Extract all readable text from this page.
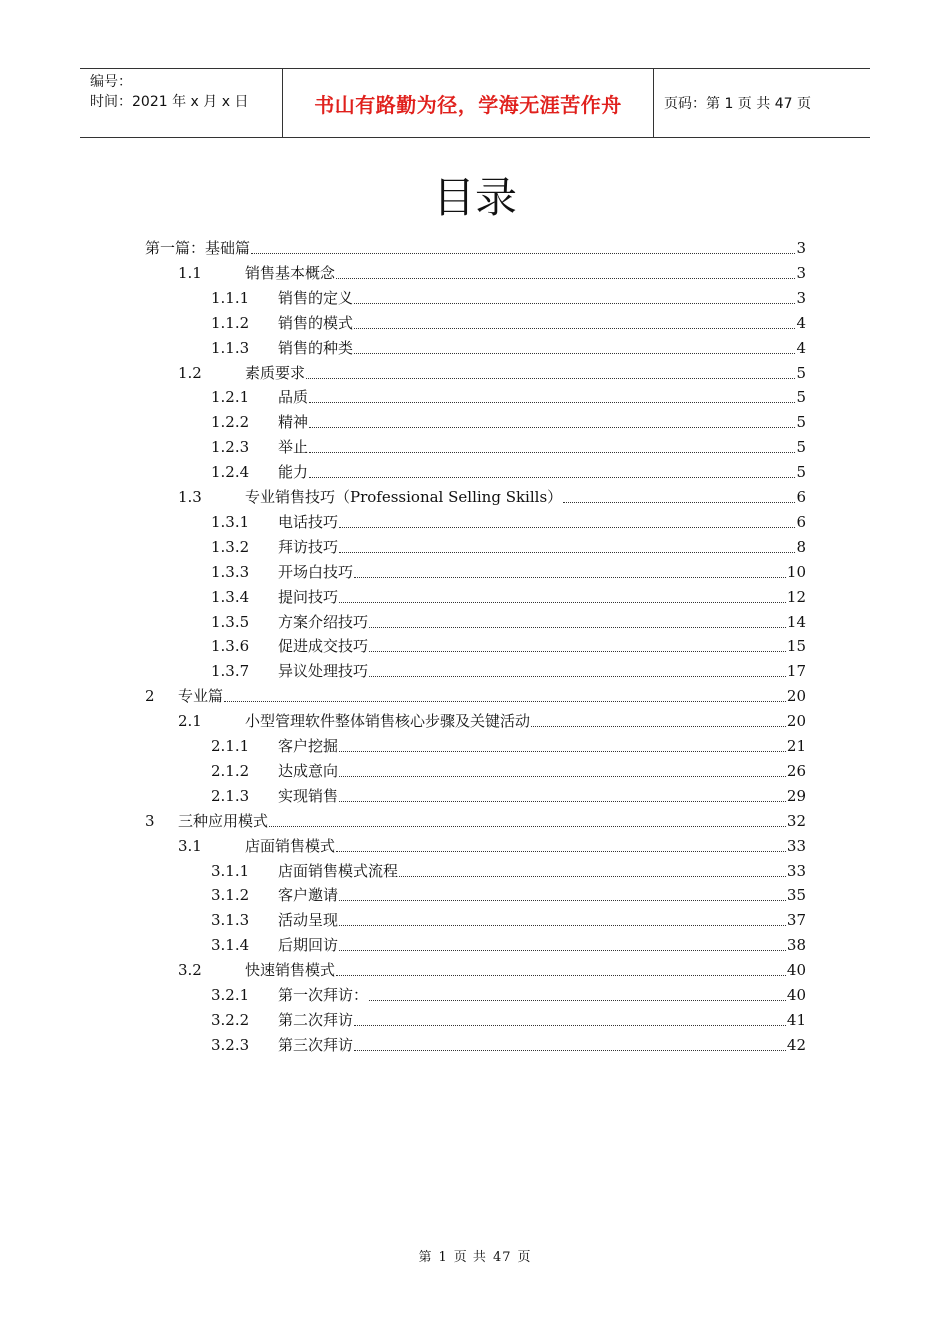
编号：
时间：2021 年 x 月 x 日	书山有路勤为径，学海无涯苦作舟	页码：第 1 页 共 47 页
目录
第一篇：基础篇	3
1.1	销售基本概念	3
1.1.1 销售的定义	3
1.1.2 销售的模式	4
1.1.3 销售的种类	4
1.2	素质要求	5
1.2.1 品质	5
1.2.2 精神	5
1.2.3 举止	5
1.2.4 能力	5
1.3	专业销售技巧（Professional Selling Skills）	6
1.3.1 电话技巧	6
1.3.2 拜访技巧	8
1.3.3 开场白技巧	10
1.3.4 提问技巧	12
1.3.5 方案介绍技巧	14
1.3.6 促进成交技巧	15
1.3.7 异议处理技巧	17
2 专业篇	20
2.1	小型管理软件整体销售核心步骤及关键活动	20
2.1.1 客户挖掘	21
2.1.2 达成意向	26
2.1.3 实现销售	29
3 三种应用模式	32
3.1	店面销售模式	33
3.1.1 店面销售模式流程	33
3.1.2 客户邀请	35
3.1.3 活动呈现	37
3.1.4 后期回访	38
3.2	快速销售模式	40
3.2.1 第一次拜访：	40
3.2.2 第二次拜访	41
3.2.3 第三次拜访	42
第 1 页 共 47 页
